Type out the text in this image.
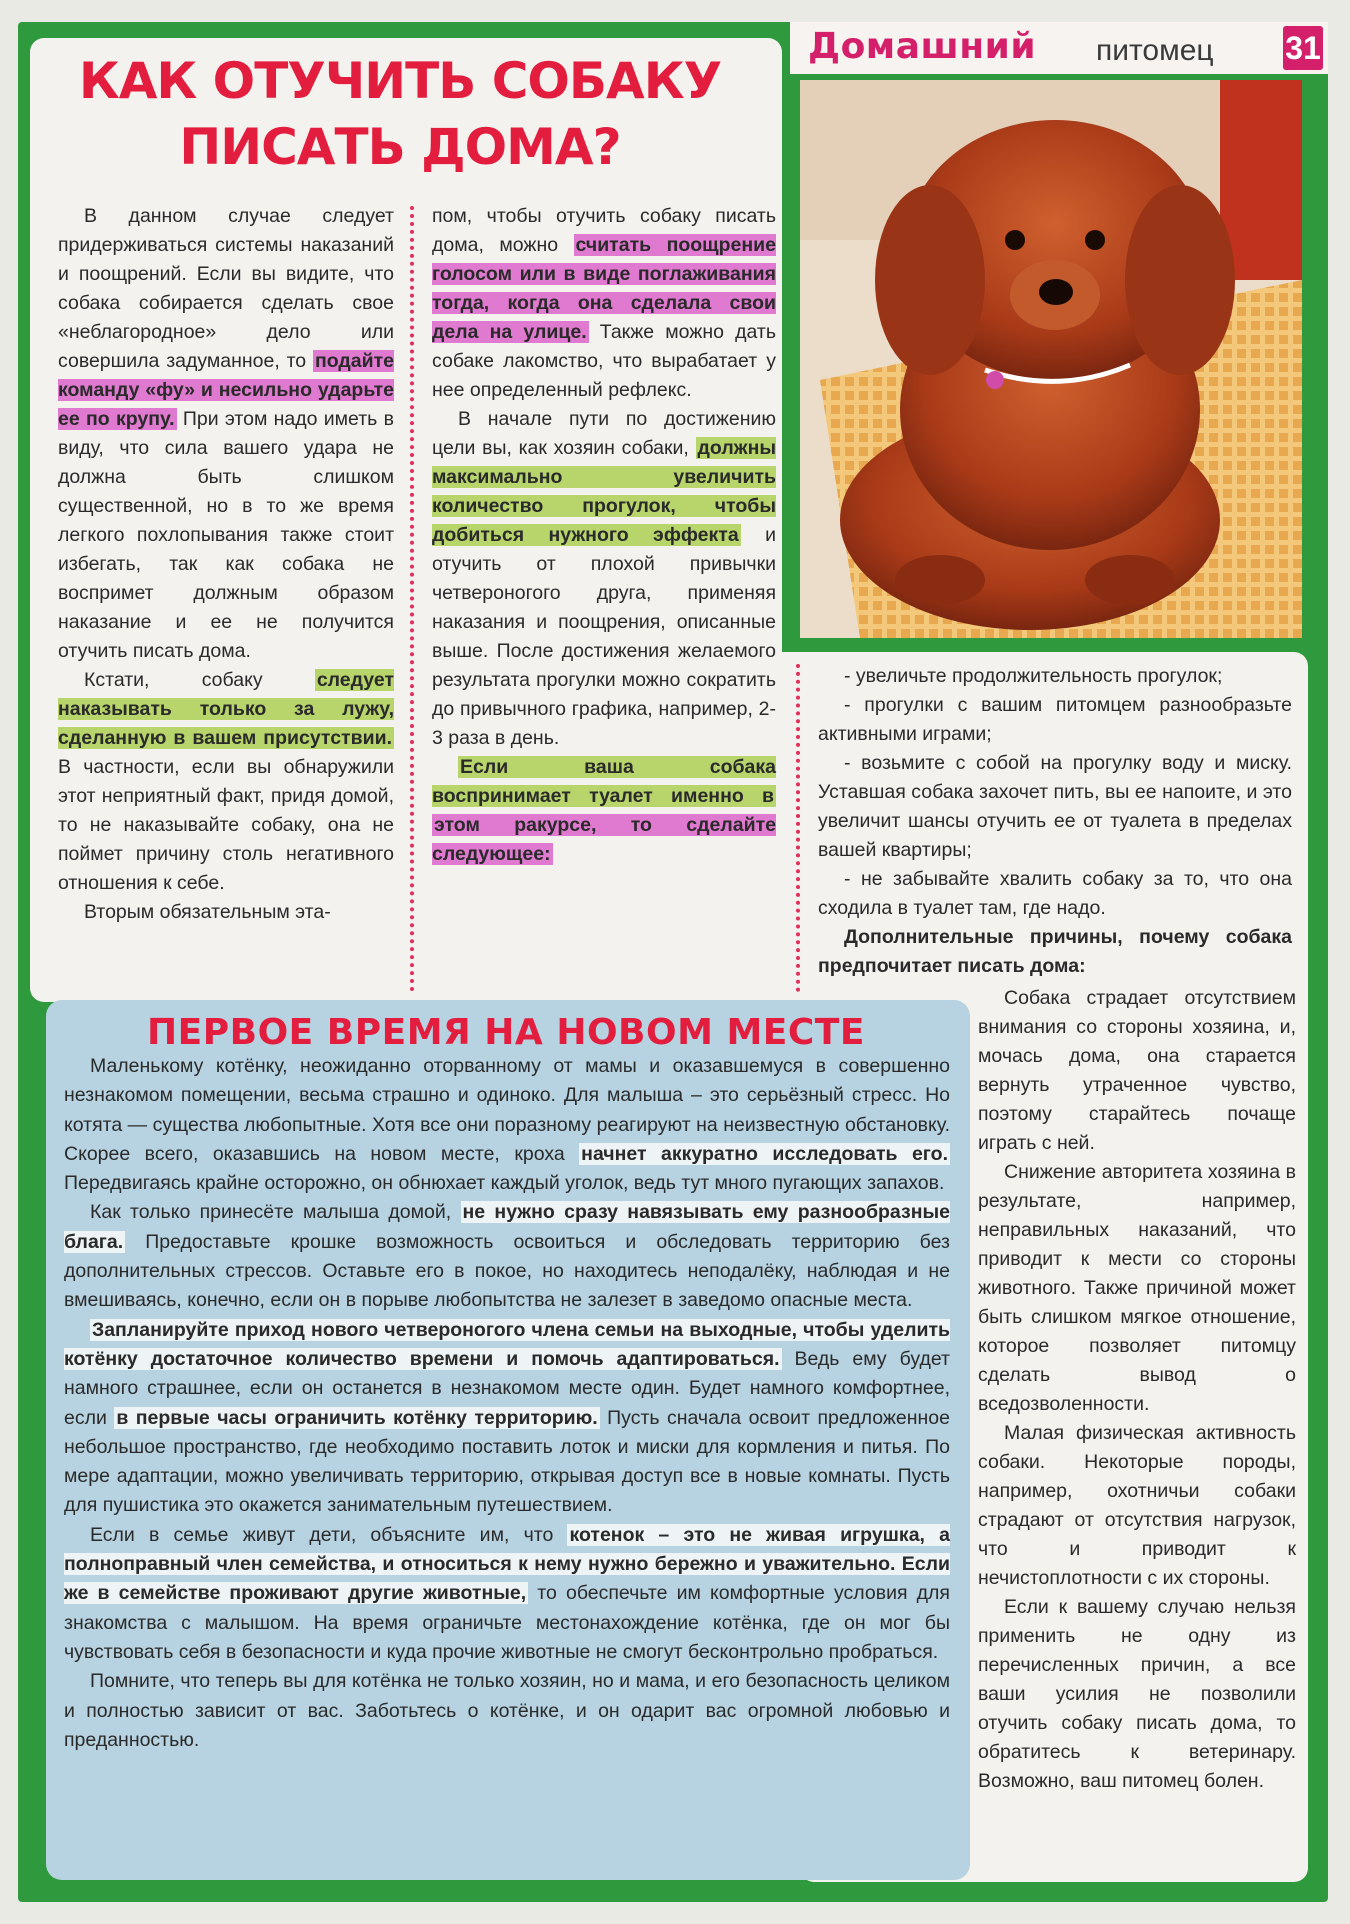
Домашний питомец 31
КАК ОТУЧИТЬ СОБАКУ
ПИСАТЬ ДОМА?

В данном случае следует придерживаться системы наказаний и поощрений. Если вы видите, что собака собирается сделать свое «неблагородное» дело или совершила задуманное, то подайте команду «фу» и несильно ударьте ее по крупу. При этом надо иметь в виду, что сила вашего удара не должна быть слишком существенной, но в то же время легкого похлопывания также стоит избегать, так как собака не воспримет должным образом наказание и ее не получится отучить писать дома.

Кстати, собаку следует наказывать только за лужу, сделанную в вашем присутствии. В частности, если вы обнаружили этот неприятный факт, придя домой, то не наказывайте собаку, она не поймет причину столь негативного отношения к себе.

Вторым обязательным эта-

пом, чтобы отучить собаку писать дома, можно считать поощрение голосом или в виде поглаживания тогда, когда она сделала свои дела на улице. Также можно дать собаке лакомство, что вырабатает у нее определенный рефлекс.

В начале пути по достижению цели вы, как хозяин собаки, должны максимально увеличить количество прогулок, чтобы добиться нужного эффекта и отучить от плохой привычки четвероногого друга, применяя наказания и поощрения, описанные выше. После достижения желаемого результата прогулки можно сократить до привычного графика, например, 2-3 раза в день.

Если ваша собака воспринимает туалет именно в этом ракурсе, то сделайте следующее:

- увеличьте продолжительность прогулок;

- прогулки с вашим питомцем разнообразьте активными играми;

- возьмите с собой на прогулку воду и миску. Уставшая собака захочет пить, вы ее напоите, и это увеличит шансы отучить ее от туалета в пределах вашей квартиры;

- не забывайте хвалить собаку за то, что она сходила в туалет там, где надо.

Дополнительные причины, почему собака предпочитает писать дома:

Собака страдает отсутствием внимания со стороны хозяина, и, мочась дома, она старается вернуть утраченное чувство, поэтому старайтесь почаще играть с ней.

Снижение авторитета хозяина в результате, например, неправильных наказаний, что приводит к мести со стороны животного. Также причиной может быть слишком мягкое отношение, которое позволяет питомцу сделать вывод о вседозволенности.

Малая физическая активность собаки. Некоторые породы, например, охотничьи собаки страдают от отсутствия нагрузок, что и приводит к нечистоплотности с их стороны.

Если к вашему случаю нельзя применить не одну из перечисленных причин, а все ваши усилия не позволили отучить собаку писать дома, то обратитесь к ветеринару. Возможно, ваш питомец болен.

ПЕРВОЕ ВРЕМЯ НА НОВОМ МЕСТЕ

Маленькому котёнку, неожиданно оторванному от мамы и оказавшемуся в совершенно незнакомом помещении, весьма страшно и одиноко. Для малыша – это серьёзный стресс. Но котята — существа любопытные. Хотя все они поразному реагируют на неизвестную обстановку. Скорее всего, оказавшись на новом месте, кроха начнет аккуратно исследовать его. Передвигаясь крайне осторожно, он обнюхает каждый уголок, ведь тут много пугающих запахов.

Как только принесёте малыша домой, не нужно сразу навязывать ему разнообразные блага. Предоставьте крошке возможность освоиться и обследовать территорию без дополнительных стрессов. Оставьте его в покое, но находитесь неподалёку, наблюдая и не вмешиваясь, конечно, если он в порыве любопытства не залезет в заведомо опасные места.

Запланируйте приход нового четвероногого члена семьи на выходные, чтобы уделить котёнку достаточное количество времени и помочь адаптироваться. Ведь ему будет намного страшнее, если он останется в незнакомом месте один. Будет намного комфортнее, если в первые часы ограничить котёнку территорию. Пусть сначала освоит предложенное небольшое пространство, где необходимо поставить лоток и миски для кормления и питья. По мере адаптации, можно увеличивать территорию, открывая доступ все в новые комнаты. Пусть для пушистика это окажется занимательным путешествием.

Если в семье живут дети, объясните им, что котенок – это не живая игрушка, а полноправный член семейства, и относиться к нему нужно бережно и уважительно. Если же в семействе проживают другие животные, то обеспечьте им комфортные условия для знакомства с малышом. На время ограничьте местонахождение котёнка, где он мог бы чувствовать себя в безопасности и куда прочие животные не смогут бесконтрольно пробраться.

Помните, что теперь вы для котёнка не только хозяин, но и мама, и его безопасность целиком и полностью зависит от вас. Заботьтесь о котёнке, и он одарит вас огромной любовью и преданностью.
